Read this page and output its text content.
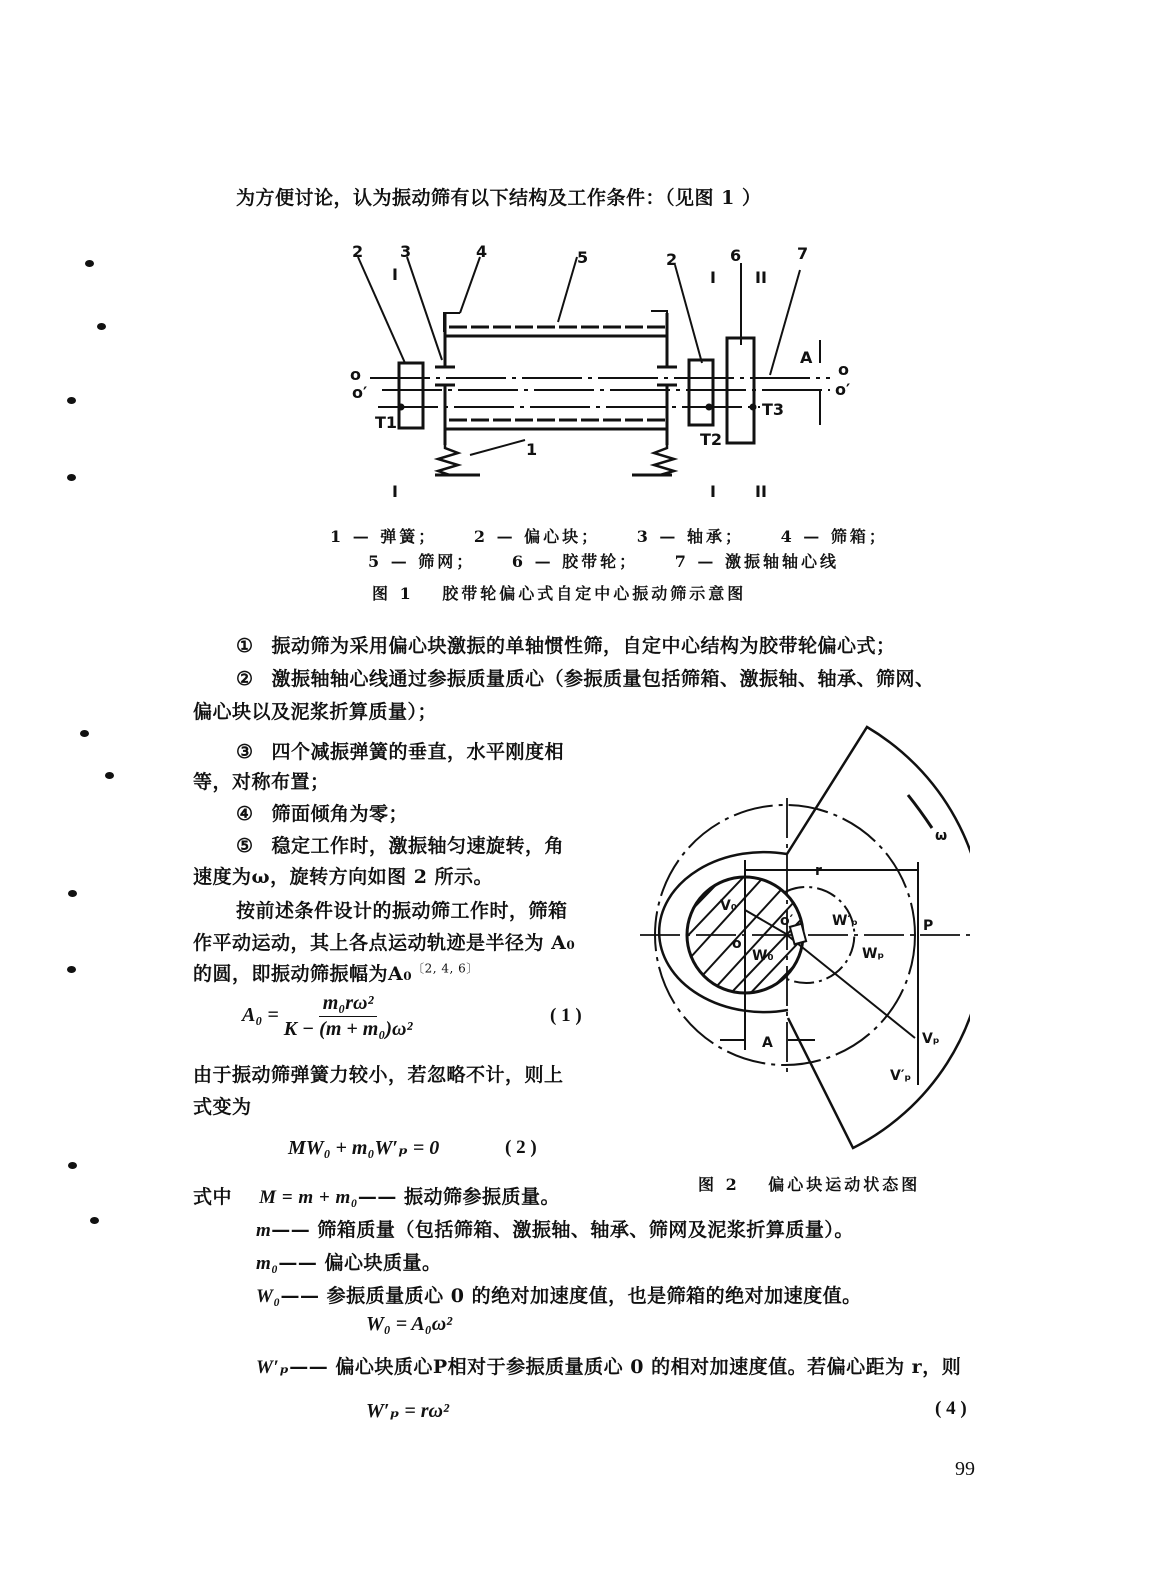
为方便讨论，认为振动筛有以下结构及工作条件：（见图 1 ）
2 3	4	5	2	6	7
1
I
I
I
I
II
II
o
o′
o
o′
A
T1
T2
T3
1 — 弹簧； 2 — 偏心块； 3 — 轴承； 4 — 筛箱；
5 — 筛网； 6 — 胶带轮； 7 — 激振轴轴心线
图 1 胶带轮偏心式自定中心振动筛示意图
① 振动筛为采用偏心块激振的单轴惯性筛，自定中心结构为胶带轮偏心式；
② 激振轴轴心线通过参振质量质心（参振质量包括筛箱、激振轴、轴承、筛网、
偏心块以及泥浆折算质量）；
③ 四个减振弹簧的垂直，水平刚度相
等，对称布置；
④ 筛面倾角为零；
⑤ 稳定工作时，激振轴匀速旋转，角
速度为ω，旋转方向如图 2 所示。
按前述条件设计的振动筛工作时，筛箱
作平动运动，其上各点运动轨迹是半径为 A₀
的圆，即振动筛振幅为A₀$^{〔2, 4, 6〕}$
$A_0 = \frac{\text{m₀rω²}}{\text{K − (m + m₀)ω²}}$	( 1 )
由于振动筛弹簧力较小，若忽略不计，则上
式变为
MW₀ + m₀W′ₚ = 0	( 2 )
ω
r
P
o
o′
W₀
W′ₚ
Wₚ
V₀
Vₚ
V′ₚ
A
图 2 偏心块运动状态图
式中 M = m + m₀—— 振动筛参振质量。
m—— 筛箱质量（包括筛箱、激振轴、轴承、筛网及泥浆折算质量）。
m₀—— 偏心块质量。
W₀—— 参振质量质心 0 的绝对加速度值，也是筛箱的绝对加速度值。
W₀ = A₀ω²
W′ₚ—— 偏心块质心P相对于参振质量质心 0 的相对加速度值。若偏心距为 r，则
W′ₚ = rω²	( 4 )
99
